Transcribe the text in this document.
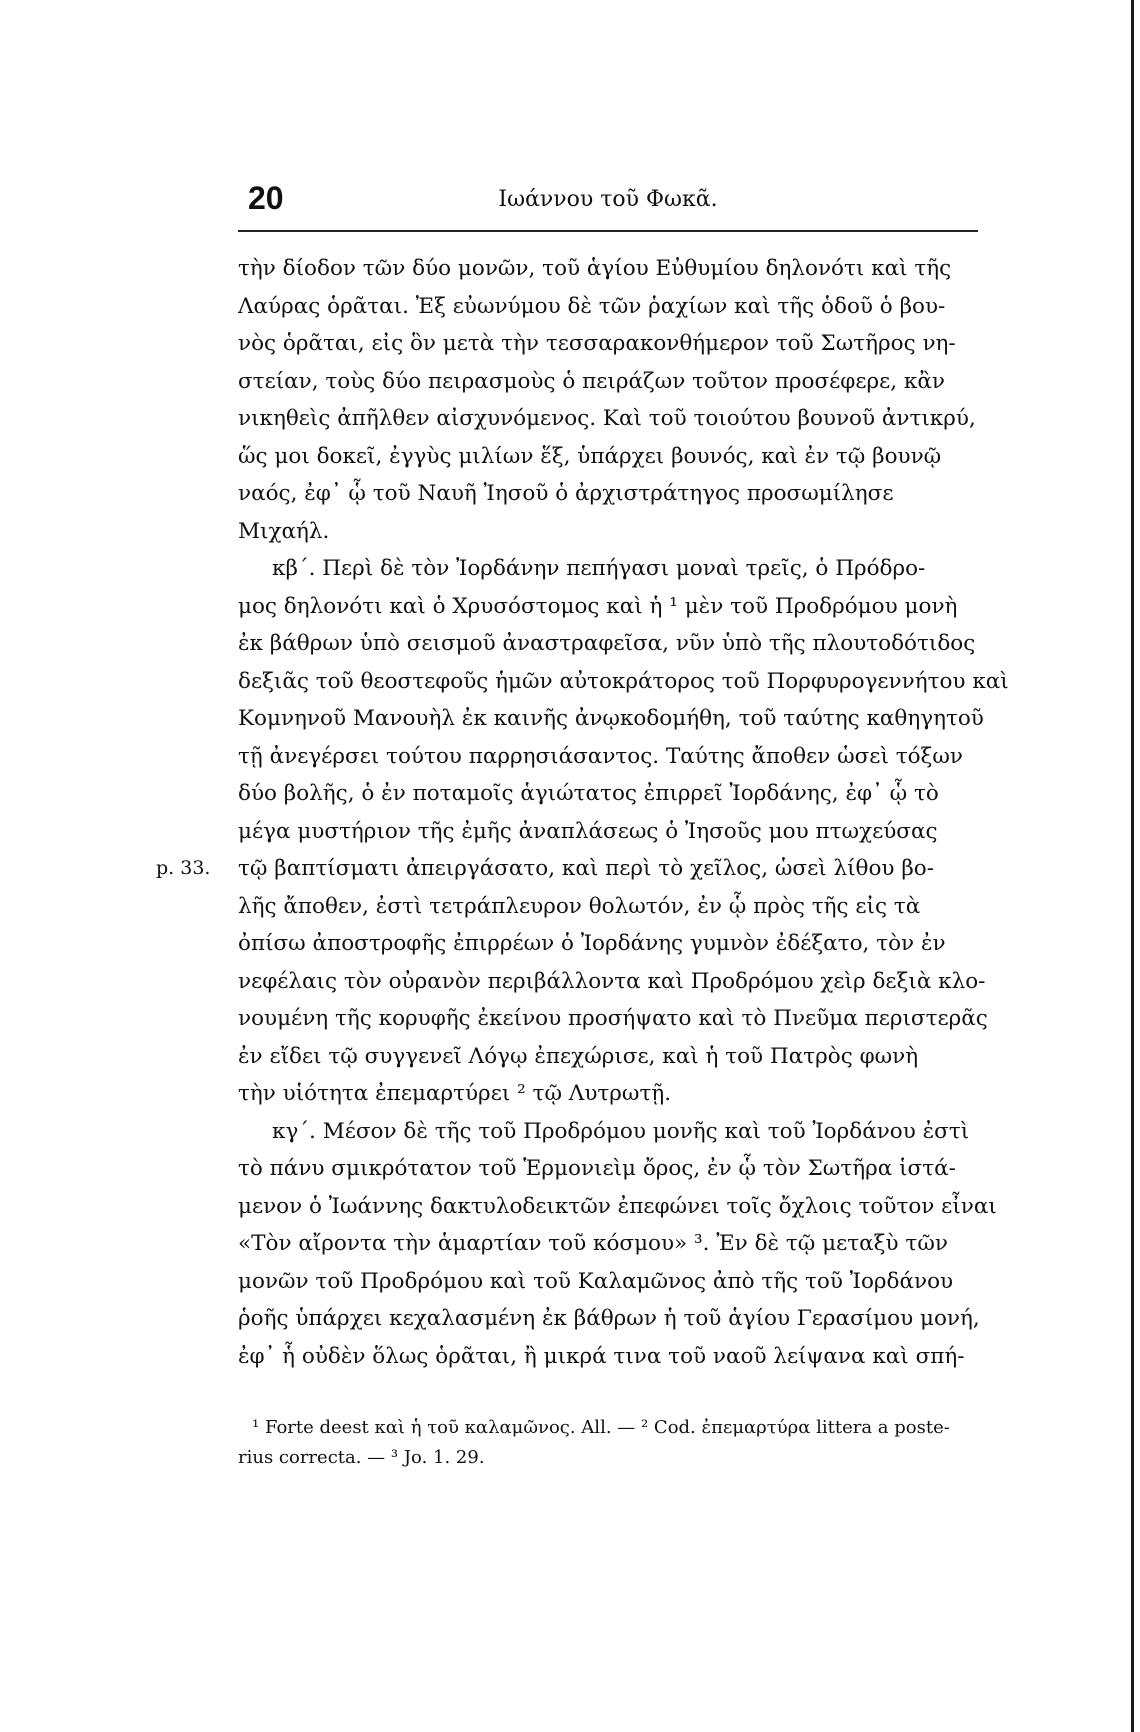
20	Ιωάννου τοῦ Φωκᾶ.
τὴν δίοδον τῶν δύο μονῶν, τοῦ ἁγίου Εὐθυμίου δηλονότι καὶ τῆς
Λαύρας ὁρᾶται. Ἐξ εὐωνύμου δὲ τῶν ῥαχίων καὶ τῆς ὁδοῦ ὁ βου-
νὸς ὁρᾶται, εἰς ὃν μετὰ τὴν τεσσαρακονθήμερον τοῦ Σωτῆρος νη-
στείαν, τοὺς δύο πειρασμοὺς ὁ πειράζων τοῦτον προσέφερε, κἂν
νικηθεὶς ἀπῆλθεν αἰσχυνόμενος. Καὶ τοῦ τοιούτου βουνοῦ ἀντικρύ,
ὥς μοι δοκεῖ, ἐγγὺς μιλίων ἕξ, ὑπάρχει βουνός, καὶ ἐν τῷ βουνῷ
ναός, ἐφ᾽ ᾧ τοῦ Ναυῆ Ἰησοῦ ὁ ἀρχιστράτηγος προσωμίλησε
Μιχαήλ.
κβ΄. Περὶ δὲ τὸν Ἰορδάνην πεπήγασι μοναὶ τρεῖς, ὁ Πρόδρο-
μος δηλονότι καὶ ὁ Χρυσόστομος καὶ ἡ ¹ μὲν τοῦ Προδρόμου μονὴ
ἐκ βάθρων ὑπὸ σεισμοῦ ἀναστραφεῖσα, νῦν ὑπὸ τῆς πλουτοδότιδος
δεξιᾶς τοῦ θεοστεφοῦς ἡμῶν αὐτοκράτορος τοῦ Πορφυρογεννήτου καὶ
Κομνηνοῦ Μανουὴλ ἐκ καινῆς ἀνῳκοδομήθη, τοῦ ταύτης καθηγητοῦ
τῇ ἀνεγέρσει τούτου παρρησιάσαντος. Ταύτης ἄποθεν ὡσεὶ τόξων
δύο βολῆς, ὁ ἐν ποταμοῖς ἁγιώτατος ἐπιρρεῖ Ἰορδάνης, ἐφ᾽ ᾧ τὸ
μέγα μυστήριον τῆς ἐμῆς ἀναπλάσεως ὁ Ἰησοῦς μου πτωχεύσας
p. 33. τῷ βαπτίσματι ἀπειργάσατο, καὶ περὶ τὸ χεῖλος, ὡσεὶ λίθου βο-
λῆς ἄποθεν, ἐστὶ τετράπλευρον θολωτόν, ἐν ᾧ πρὸς τῆς εἰς τὰ
ὀπίσω ἀποστροφῆς ἐπιρρέων ὁ Ἰορδάνης γυμνὸν ἐδέξατο, τὸν ἐν
νεφέλαις τὸν οὐρανὸν περιβάλλοντα καὶ Προδρόμου χεὶρ δεξιὰ κλο-
νουμένη τῆς κορυφῆς ἐκείνου προσήψατο καὶ τὸ Πνεῦμα περιστερᾶς
ἐν εἴδει τῷ συγγενεῖ Λόγῳ ἐπεχώρισε, καὶ ἡ τοῦ Πατρὸς φωνὴ
τὴν υἱότητα ἐπεμαρτύρει ² τῷ Λυτρωτῇ.
κγ΄. Μέσον δὲ τῆς τοῦ Προδρόμου μονῆς καὶ τοῦ Ἰορδάνου ἐστὶ
τὸ πάνυ σμικρότατον τοῦ Ἑρμονιεὶμ ὄρος, ἐν ᾧ τὸν Σωτῆρα ἱστά-
μενον ὁ Ἰωάννης δακτυλοδεικτῶν ἐπεφώνει τοῖς ὄχλοις τοῦτον εἶναι
«Τὸν αἴροντα τὴν ἁμαρτίαν τοῦ κόσμου» ³. Ἐν δὲ τῷ μεταξὺ τῶν
μονῶν τοῦ Προδρόμου καὶ τοῦ Καλαμῶνος ἀπὸ τῆς τοῦ Ἰορδάνου
ῥοῆς ὑπάρχει κεχαλασμένη ἐκ βάθρων ἡ τοῦ ἁγίου Γερασίμου μονή,
ἐφ᾽ ἧ οὐδὲν ὅλως ὁρᾶται, ἢ μικρά τινα τοῦ ναοῦ λείψανα καὶ σπή-
¹ Forte deest καὶ ἡ τοῦ καλαμῶνος. All. — ² Cod. ἐπεμαρτύρα littera a poste-
rius correcta. — ³ Jo. 1. 29.
